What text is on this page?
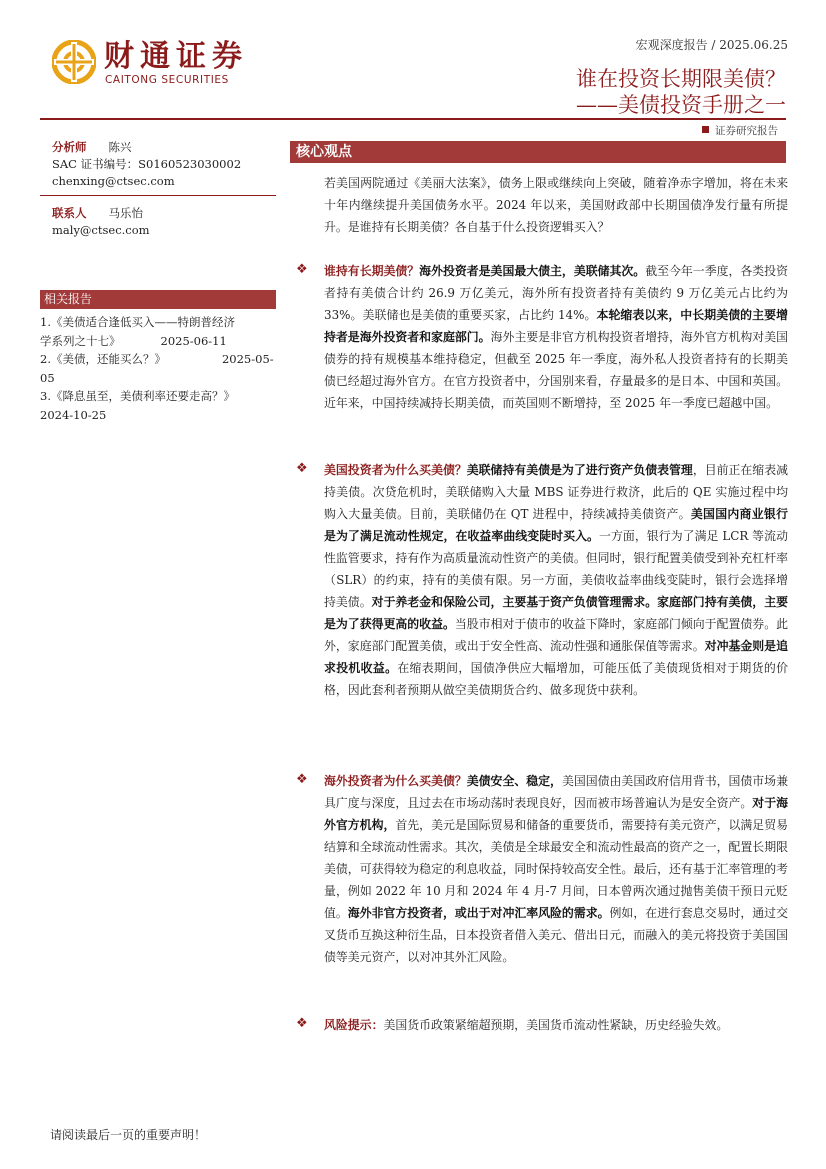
财通证券
CAITONG SECURITIES
宏观深度报告 / 2025.06.25
谁在投资长期限美债？
——美债投资手册之一
证券研究报告
分析师 陈兴
SAC 证书编号：S0160523030002
chenxing@ctsec.com
联系人 马乐怡
maly@ctsec.com
相关报告
1.《美债适合逢低买入——特朗普经济
学系列之十七》	2025-06-11
2.《美债，还能买么？》	2025-05-05
3.《降息虽至，美债利率还要走高？》
2024-10-25
核心观点
若美国两院通过《美丽大法案》，债务上限或继续向上突破，随着净赤字增加，将在未来十年内继续提升美国债务水平。2024 年以来，美国财政部中长期国债净发行量有所提升。是谁持有长期美债？各自基于什么投资逻辑买入？
❖ 谁持有长期美债？海外投资者是美国最大债主，美联储其次。截至今年一季度，各类投资者持有美债合计约 26.9 万亿美元，海外所有投资者持有美债约 9 万亿美元占比约为 33%。美联储也是美债的重要买家，占比约 14%。本轮缩表以来，中长期美债的主要增持者是海外投资者和家庭部门。海外主要是非官方机构投资者增持，海外官方机构对美国债券的持有规模基本维持稳定，但截至 2025 年一季度，海外私人投资者持有的长期美债已经超过海外官方。在官方投资者中，分国别来看，存量最多的是日本、中国和英国。近年来，中国持续减持长期美债，而英国则不断增持，至 2025 年一季度已超越中国。
❖ 美国投资者为什么买美债？美联储持有美债是为了进行资产负债表管理，目前正在缩表减持美债。次贷危机时，美联储购入大量 MBS 证券进行救济，此后的 QE 实施过程中均购入大量美债。目前，美联储仍在 QT 进程中，持续减持美债资产。美国国内商业银行是为了满足流动性规定，在收益率曲线变陡时买入。一方面，银行为了满足 LCR 等流动性监管要求，持有作为高质量流动性资产的美债。但同时，银行配置美债受到补充杠杆率（SLR）的约束，持有的美债有限。另一方面，美债收益率曲线变陡时，银行会选择增持美债。对于养老金和保险公司，主要基于资产负债管理需求。家庭部门持有美债，主要是为了获得更高的收益。当股市相对于债市的收益下降时，家庭部门倾向于配置债券。此外，家庭部门配置美债，或出于安全性高、流动性强和通胀保值等需求。对冲基金则是追求投机收益。在缩表期间，国债净供应大幅增加，可能压低了美债现货相对于期货的价格，因此套利者预期从做空美债期货合约、做多现货中获利。
❖ 海外投资者为什么买美债？美债安全、稳定，美国国债由美国政府信用背书，国债市场兼具广度与深度，且过去在市场动荡时表现良好，因而被市场普遍认为是安全资产。对于海外官方机构，首先，美元是国际贸易和储备的重要货币，需要持有美元资产，以满足贸易结算和全球流动性需求。其次，美债是全球最安全和流动性最高的资产之一，配置长期限美债，可获得较为稳定的利息收益，同时保持较高安全性。最后，还有基于汇率管理的考量，例如 2022 年 10 月和 2024 年 4 月-7 月间，日本曾两次通过抛售美债干预日元贬值。海外非官方投资者，或出于对冲汇率风险的需求。例如，在进行套息交易时，通过交叉货币互换这种衍生品，日本投资者借入美元、借出日元，而融入的美元将投资于美国国债等美元资产，以对冲其外汇风险。
❖ 风险提示：美国货币政策紧缩超预期，美国货币流动性紧缺，历史经验失效。
请阅读最后一页的重要声明！
